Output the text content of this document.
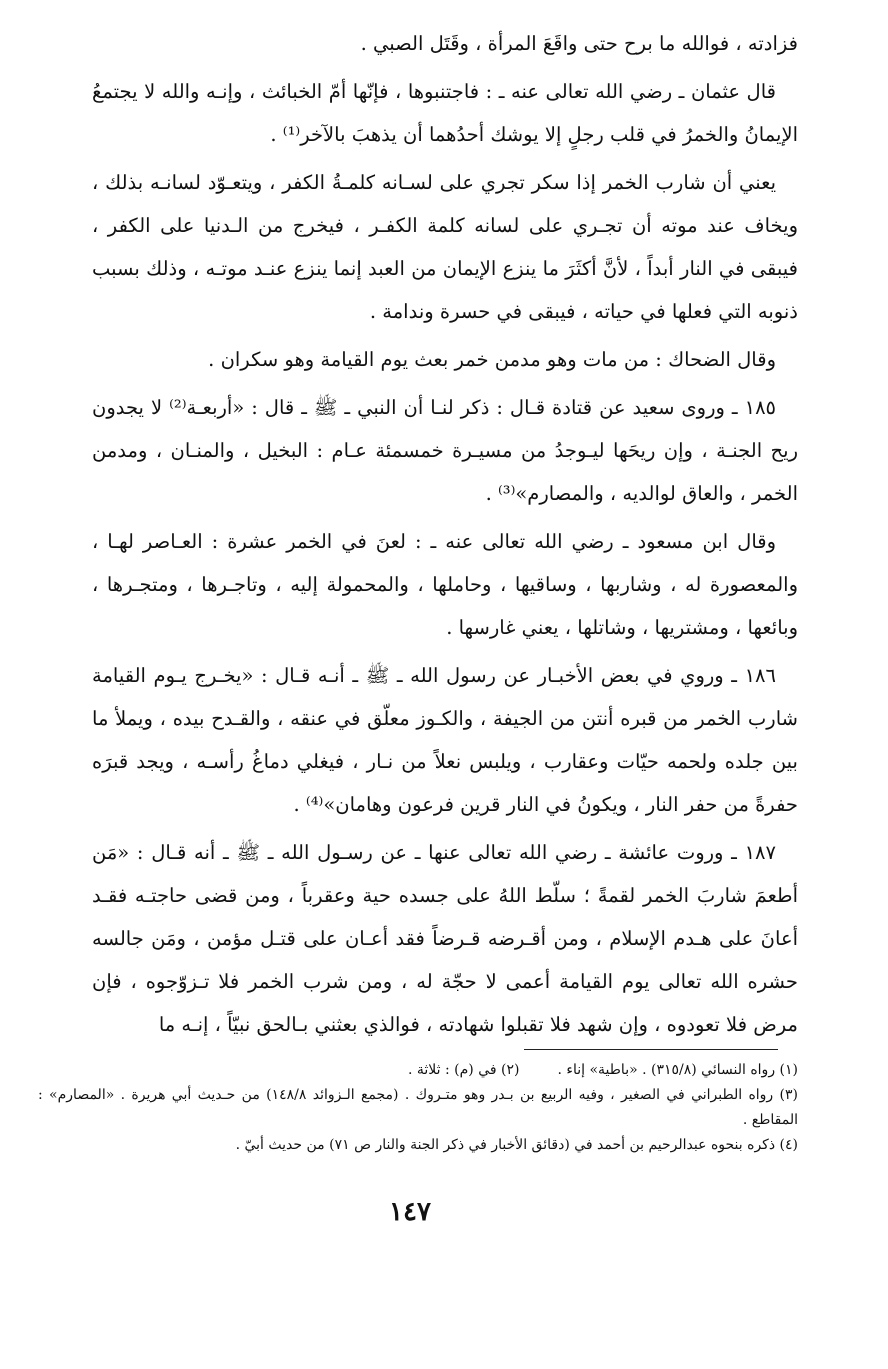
فزادته ، فوالله ما برح حتى واقَعَ المرأة ، وقَتَل الصبي .

قال عثمان ـ رضي الله تعالى عنه ـ : فاجتنبوها ، فإنّها أمّ الخبائث ، وإنـه والله لا يجتمعُ الإيمانُ والخمرُ في قلب رجلٍ إلا يوشك أحدُهما أن يذهبَ بالآخر⁽¹⁾ .

يعني أن شارب الخمر إذا سكر تجري على لسـانه كلمـةُ الكفر ، ويتعـوّد لسانـه بذلك ، ويخاف عند موته أن تجـري على لسانه كلمة الكفـر ، فيخرج من الـدنيا على الكفر ، فيبقى في النار أبداً ، لأنَّ أكثَرَ ما ينزع الإيمان من العبد إنما ينزع عنـد موتـه ، وذلك بسبب ذنوبه التي فعلها في حياته ، فيبقى في حسرة وندامة .

وقال الضحاك : من مات وهو مدمن خمر بعث يوم القيامة وهو سكران .

١٨٥ ـ وروى سعيد عن قتادة قـال : ذكر لنـا أن النبي ـ ﷺ ـ قال : «أربعـة⁽²⁾ لا يجدون ريح الجنـة ، وإن ريحَها ليـوجدُ من مسيـرة خمسمئة عـام : البخيل ، والمنـان ، ومدمن الخمر ، والعاق لوالديه ، والمصارم»⁽³⁾ .

وقال ابن مسعود ـ رضي الله تعالى عنه ـ : لعنَ في الخمر عشرة : العـاصر لهـا ، والمعصورة له ، وشاربها ، وساقيها ، وحاملها ، والمحمولة إليه ، وتاجـرها ، ومتجـرها ، وبائعها ، ومشتريها ، وشاتلها ، يعني غارسها .

١٨٦ ـ وروي في بعض الأخبـار عن رسول الله ـ ﷺ ـ أنـه قـال : «يخـرج يـوم القيامة شارب الخمر من قبره أنتن من الجيفة ، والكـوز معلّق في عنقه ، والقـدح بيده ، ويملأ ما بين جلده ولحمه حيّات وعقارب ، ويلبس نعلاً من نـار ، فيغلي دماغُ رأسـه ، ويجد قبرَه حفرةً من حفر النار ، ويكونُ في النار قرين فرعون وهامان»⁽⁴⁾ .

١٨٧ ـ وروت عائشة ـ رضي الله تعالى عنها ـ عن رسـول الله ـ ﷺ ـ أنه قـال : «مَن أطعمَ شاربَ الخمر لقمةً ؛ سلّط اللهُ على جسده حية وعقرباً ، ومن قضى حاجتـه فقـد أعانَ على هـدم الإسلام ، ومن أقـرضه قـرضاً فقد أعـان على قتـل مؤمن ، ومَن جالسه حشره الله تعالى يوم القيامة أعمى لا حجّة له ، ومن شرب الخمر فلا تـزوّجوه ، فإن مرض فلا تعودوه ، وإن شهد فلا تقبلوا شهادته ، فوالذي بعثني بـالحق نبيّاً ، إنـه ما

(١) رواه النسائي (٣١٥/٨) . «باطية» إناء .

(٢) في (م) : ثلاثة .

(٣) رواه الطبراني في الصغير ، وفيه الربيع بن بـدر وهو متـروك . (مجمع الـزوائد ١٤٨/٨) من حـديث أبي هريرة . «المصارم» : المقاطع .

(٤) ذكره بنحوه عبدالرحيم بن أحمد في (دقائق الأخبار في ذكر الجنة والنار ص ٧١) من حديث أبيّ .

١٤٧
